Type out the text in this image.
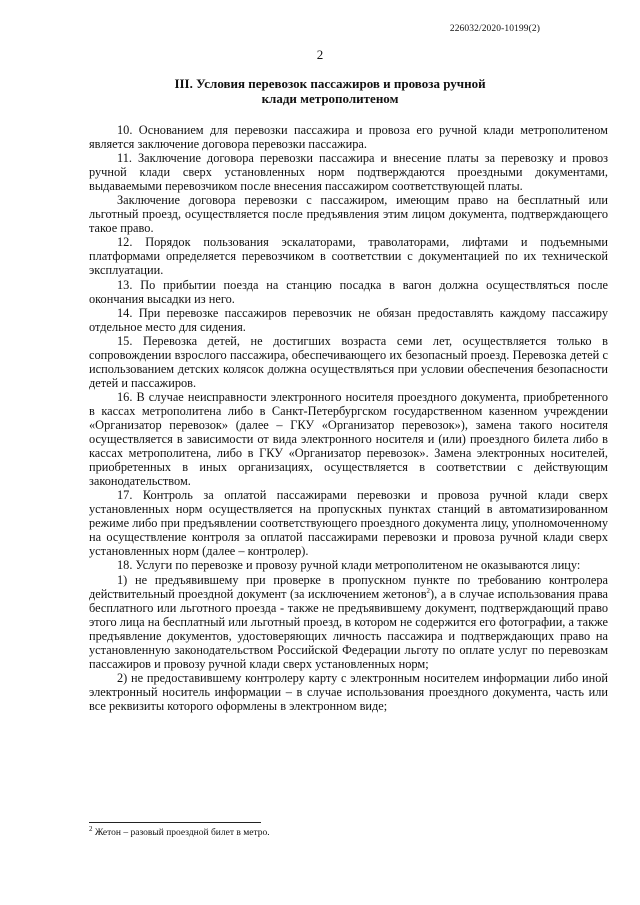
226032/2020-10199(2)
2
III. Условия перевозок пассажиров и провоза ручной
клади метрополитеном

10. Основанием для перевозки пассажира и провоза его ручной клади метрополитеном является заключение договора перевозки пассажира.

11. Заключение договора перевозки пассажира и внесение платы за перевозку и провоз ручной клади сверх установленных норм подтверждаются проездными документами, выдаваемыми перевозчиком после внесения пассажиром соответствующей платы.

Заключение договора перевозки с пассажиром, имеющим право на бесплатный или льготный проезд, осуществляется после предъявления этим лицом документа, подтверждающего такое право.

12. Порядок пользования эскалаторами, траволаторами, лифтами и подъемными платформами определяется перевозчиком в соответствии с документацией по их технической эксплуатации.

13. По прибытии поезда на станцию посадка в вагон должна осуществляться после окончания высадки из него.

14. При перевозке пассажиров перевозчик не обязан предоставлять каждому пассажиру отдельное место для сидения.

15. Перевозка детей, не достигших возраста семи лет, осуществляется только в сопровождении взрослого пассажира, обеспечивающего их безопасный проезд. Перевозка детей с использованием детских колясок должна осуществляться при условии обеспечения безопасности детей и пассажиров.

16. В случае неисправности электронного носителя проездного документа, приобретенного в кассах метрополитена либо в Санкт-Петербургском государственном казенном учреждении «Организатор перевозок» (далее – ГКУ «Организатор перевозок»), замена такого носителя осуществляется в зависимости от вида электронного носителя и (или) проездного билета либо в кассах метрополитена, либо в ГКУ «Организатор перевозок». Замена электронных носителей, приобретенных в иных организациях, осуществляется в соответствии с действующим законодательством.

17. Контроль за оплатой пассажирами перевозки и провоза ручной клади сверх установленных норм осуществляется на пропускных пунктах станций в автоматизированном режиме либо при предъявлении соответствующего проездного документа лицу, уполномоченному на осуществление контроля за оплатой пассажирами перевозки и провоза ручной клади сверх установленных норм (далее – контролер).

18. Услуги по перевозке и провозу ручной клади метрополитеном не оказываются лицу:

1) не предъявившему при проверке в пропускном пункте по требованию контролера действительный проездной документ (за исключением жетонов$^2$), а в случае использования права бесплатного или льготного проезда - также не предъявившему документ, подтверждающий право этого лица на бесплатный или льготный проезд, в котором не содержится его фотографии, а также предъявление документов, удостоверяющих личность пассажира и подтверждающих право на установленную законодательством Российской Федерации льготу по оплате услуг по перевозкам пассажиров и провозу ручной клади сверх установленных норм;

2) не предоставившему контролеру карту с электронным носителем информации либо иной электронный носитель информации – в случае использования проездного документа, часть или все реквизиты которого оформлены в электронном виде;

$^2$ Жетон – разовый проездной билет в метро.
